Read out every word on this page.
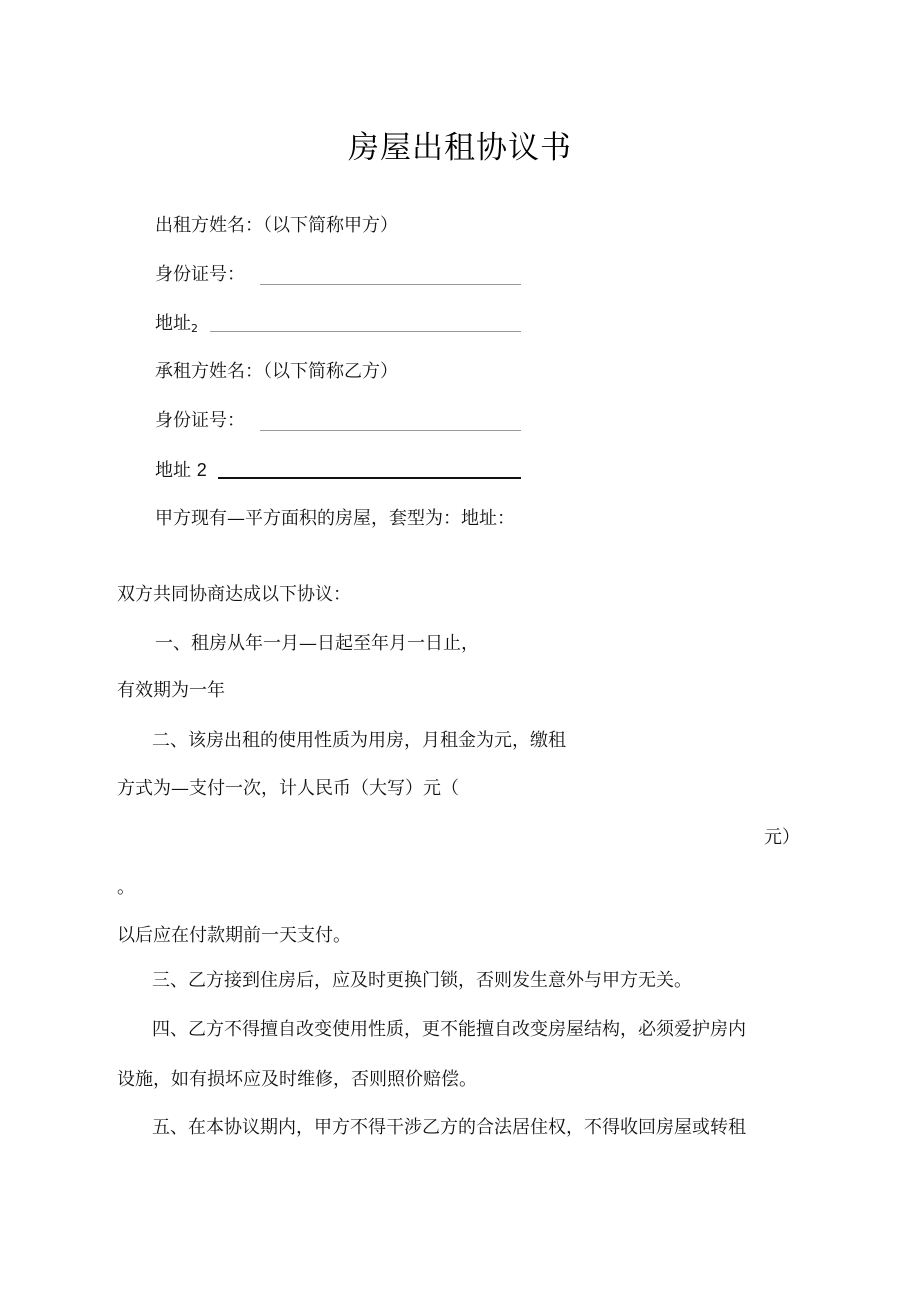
房屋出租协议书
出租方姓名：（以下简称甲方）
身份证号：
地址$_2$
承租方姓名：（以下简称乙方）
身份证号：
地址 2
甲方现有—平方面积的房屋，套型为：地址：
双方共同协商达成以下协议：
一、租房从年一月—日起至年月一日止，
有效期为一年
二、该房出租的使用性质为用房，月租金为元，缴租
方式为—支付一次，计人民币（大写）元（
元）
。
以后应在付款期前一天支付。
三、乙方接到住房后，应及时更换门锁，否则发生意外与甲方无关。
四、乙方不得擅自改变使用性质，更不能擅自改变房屋结构，必须爱护房内
设施，如有损坏应及时维修，否则照价赔偿。
五、在本协议期内，甲方不得干涉乙方的合法居住权，不得收回房屋或转租
